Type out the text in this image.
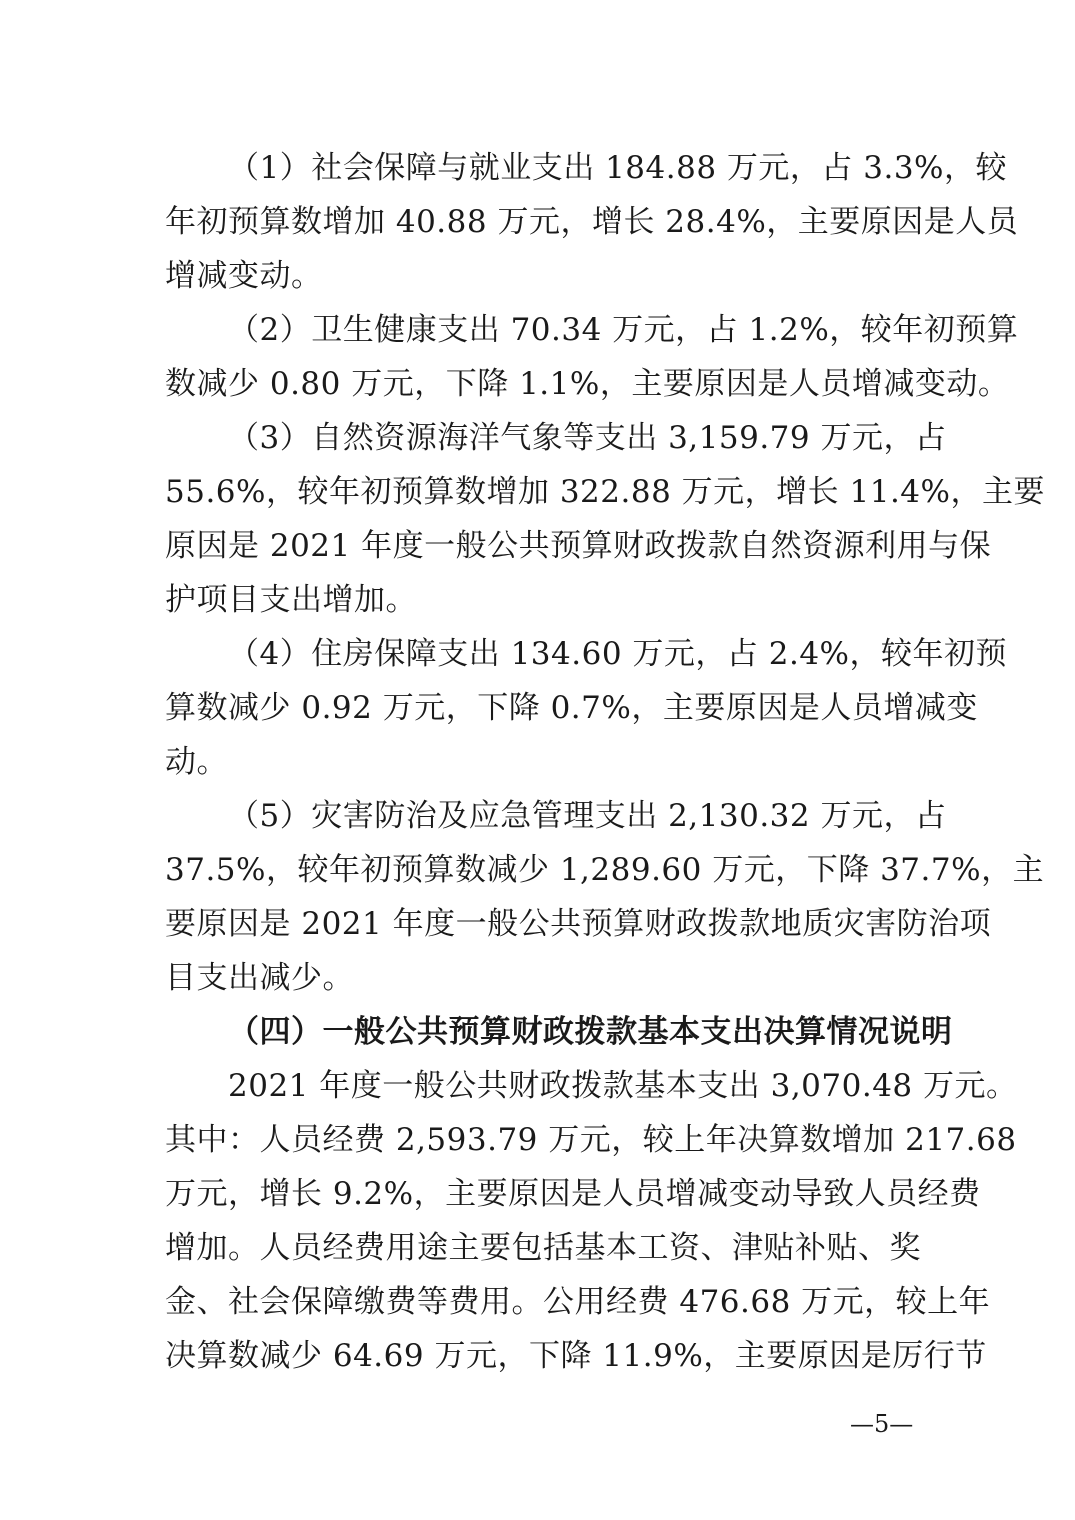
（1）社会保障与就业支出 184.88 万元，占 3.3%，较
年初预算数增加 40.88 万元，增长 28.4%，主要原因是人员
增减变动。
（2）卫生健康支出 70.34 万元，占 1.2%，较年初预算
数减少 0.80 万元，下降 1.1%，主要原因是人员增减变动。
（3）自然资源海洋气象等支出 3,159.79 万元，占
55.6%，较年初预算数增加 322.88 万元，增长 11.4%，主要
原因是 2021 年度一般公共预算财政拨款自然资源利用与保
护项目支出增加。
（4）住房保障支出 134.60 万元，占 2.4%，较年初预
算数减少 0.92 万元，下降 0.7%，主要原因是人员增减变
动。
（5）灾害防治及应急管理支出 2,130.32 万元，占
37.5%，较年初预算数减少 1,289.60 万元，下降 37.7%，主
要原因是 2021 年度一般公共预算财政拨款地质灾害防治项
目支出减少。
（四）一般公共预算财政拨款基本支出决算情况说明
2021 年度一般公共财政拨款基本支出 3,070.48 万元。
其中：人员经费 2,593.79 万元，较上年决算数增加 217.68
万元，增长 9.2%，主要原因是人员增减变动导致人员经费
增加。人员经费用途主要包括基本工资、津贴补贴、奖
金、社会保障缴费等费用。公用经费 476.68 万元，较上年
决算数减少 64.69 万元，下降 11.9%，主要原因是厉行节
—5—
